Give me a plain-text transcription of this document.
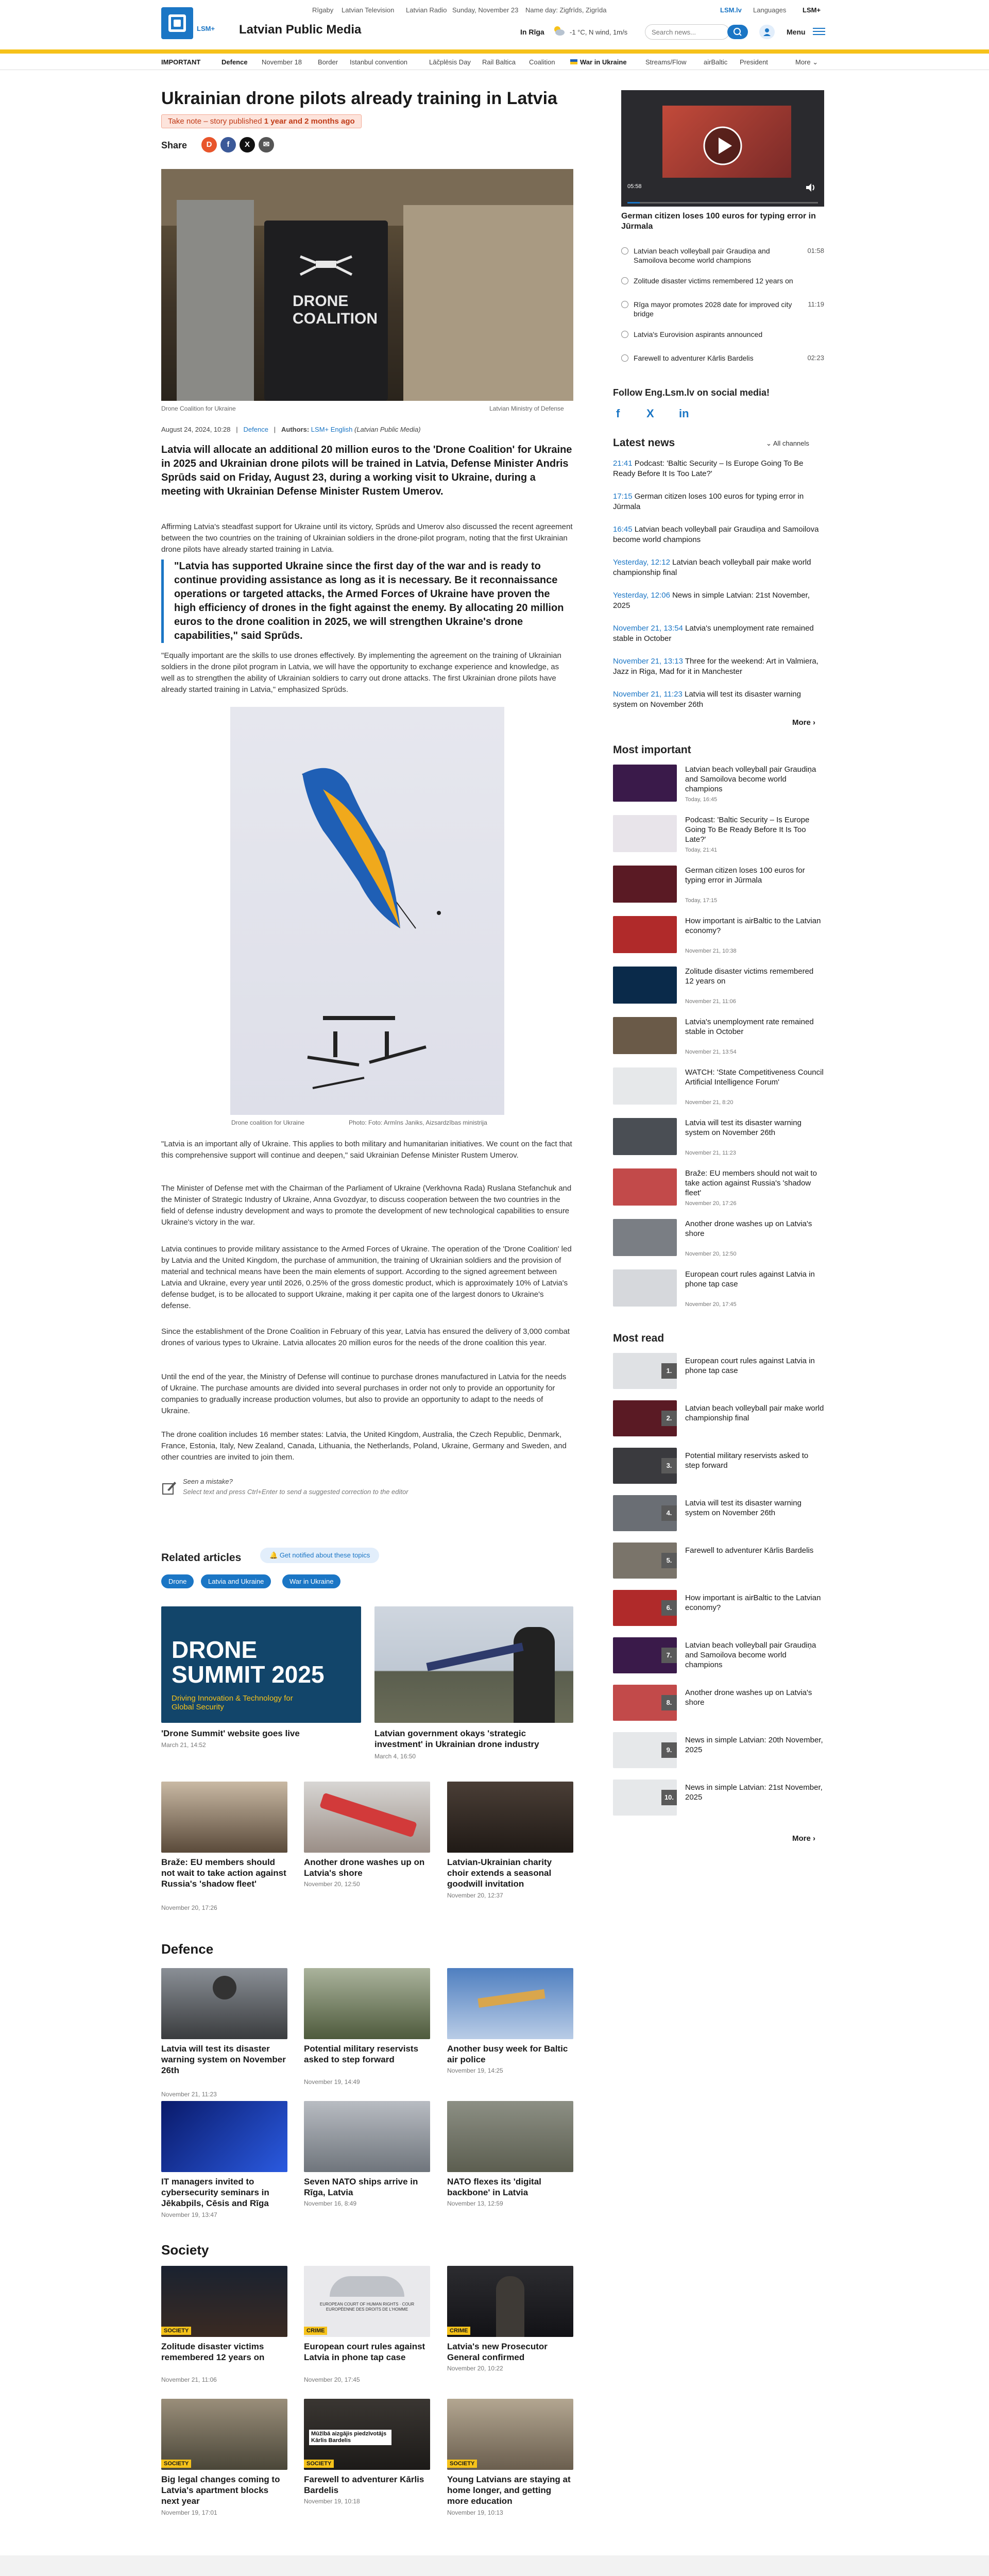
LSM+ Latvian Public Media
Rīgaby Latvian Television Latvian Radio Sunday, November 23 Name day: Zigfrīds, Zigrīda	LSM.lv Languages LSM+
In Rīga	-1 °C, N wind, 1m/s
Search news...	Menu
IMPORTANT	Defence November 18 Border Istanbul convention	Lāčplēsis Day Rail Baltica Coalition	War in Ukraine	Streams/Flow	airBaltic President	More ⌄
Ukrainian drone pilots already training in Latvia
Take note – story published 1 year and 2 months ago
Share	D	f	X	✉
DRONE
COALITION
Drone Coalition for Ukraine	Latvian Ministry of Defense
August 24, 2024, 10:28   |   Defence   |   Authors: LSM+ English (Latvian Public Media)

Latvia will allocate an additional 20 million euros to the 'Drone Coalition' for Ukraine in 2025 and Ukrainian drone pilots will be trained in Latvia, Defense Minister Andris Sprūds said on Friday, August 23, during a working visit to Ukraine, during a meeting with Ukrainian Defense Minister Rustem Umerov.

Affirming Latvia's steadfast support for Ukraine until its victory, Sprūds and Umerov also discussed the recent agreement between the two countries on the training of Ukrainian soldiers in the drone-pilot program, noting that the first Ukrainian drone pilots have already started training in Latvia.

"Latvia has supported Ukraine since the first day of the war and is ready to continue providing assistance as long as it is necessary. Be it reconnaissance operations or targeted attacks, the Armed Forces of Ukraine have proven the high efficiency of drones in the fight against the enemy. By allocating 20 million euros to the drone coalition in 2025, we will strengthen Ukraine's drone capabilities," said Sprūds.

"Equally important are the skills to use drones effectively. By implementing the agreement on the training of Ukrainian soldiers in the drone pilot program in Latvia, we will have the opportunity to exchange experience and knowledge, as well as to strengthen the ability of Ukrainian soldiers to carry out drone attacks. The first Ukrainian drone pilots have already started training in Latvia," emphasized Sprūds.

Drone coalition for Ukraine	Photo: Foto: Armīns Janiks, Aizsardzības ministrija

"Latvia is an important ally of Ukraine. This applies to both military and humanitarian initiatives. We count on the fact that this comprehensive support will continue and deepen," said Ukrainian Defense Minister Rustem Umerov.

The Minister of Defense met with the Chairman of the Parliament of Ukraine (Verkhovna Rada) Ruslana Stefanchuk and the Minister of Strategic Industry of Ukraine, Anna Gvozdyar, to discuss cooperation between the two countries in the field of defense industry development and ways to promote the development of new technological capabilities to ensure Ukraine's victory in the war.

Latvia continues to provide military assistance to the Armed Forces of Ukraine. The operation of the 'Drone Coalition' led by Latvia and the United Kingdom, the purchase of ammunition, the training of Ukrainian soldiers and the provision of material and technical means have been the main elements of support. According to the signed agreement between Latvia and Ukraine, every year until 2026, 0.25% of the gross domestic product, which is approximately 10% of Latvia's defense budget, is to be allocated to support Ukraine, making it per capita one of the largest donors to Ukraine's defense.

Since the establishment of the Drone Coalition in February of this year, Latvia has ensured the delivery of 3,000 combat drones of various types to Ukraine. Latvia allocates 20 million euros for the needs of the drone coalition this year.

Until the end of the year, the Ministry of Defense will continue to purchase drones manufactured in Latvia for the needs of Ukraine. The purchase amounts are divided into several purchases in order not only to provide an opportunity for companies to gradually increase production volumes, but also to provide an opportunity to adapt to the needs of Ukraine.

The drone coalition includes 16 member states: Latvia, the United Kingdom, Australia, the Czech Republic, Denmark, France, Estonia, Italy, New Zealand, Canada, Lithuania, the Netherlands, Poland, Ukraine, Germany and Sweden, and other countries are invited to join them.

Seen a mistake?
Select text and press Ctrl+Enter to send a suggested correction to the editor
Related articles	🔔 Get notified about these topics
Drone	Latvia and Ukraine	War in Ukraine
DRONE SUMMIT 2025
Driving Innovation & Technology for Global Security
'Drone Summit' website goes live
March 21, 14:52
Latvian government okays 'strategic investment' in Ukrainian drone industry
March 4, 16:50
Braže: EU members should not wait to take action against Russia's 'shadow fleet'
November 20, 17:26
Another drone washes up on Latvia's shore
November 20, 12:50
Latvian-Ukrainian charity choir extends a seasonal goodwill invitation
November 20, 12:37
Defence
Latvia will test its disaster warning system on November 26th
November 21, 11:23
Potential military reservists asked to step forward
November 19, 14:49
Another busy week for Baltic air police
November 19, 14:25
IT managers invited to cybersecurity seminars in Jēkabpils, Cēsis and Rīga
November 19, 13:47
Seven NATO ships arrive in Rīga, Latvia
November 16, 8:49
NATO flexes its 'digital backbone' in Latvia
November 13, 12:59
Society
SOCIETY
Zolitude disaster victims remembered 12 years on
November 21, 11:06
EUROPEAN COURT OF HUMAN RIGHTS · COUR EUROPÉENNE DES DROITS DE L'HOMME
CRIME
European court rules against Latvia in phone tap case
November 20, 17:45
CRIME
Latvia's new Prosecutor General confirmed
November 20, 10:22
SOCIETY
Big legal changes coming to Latvia's apartment blocks next year
November 19, 17:01
Mūžībā aizgājis piedzīvotājs Kārlis Bardelis
SOCIETY
Farewell to adventurer Kārlis Bardelis
November 19, 10:18
SOCIETY
Young Latvians are staying at home longer, and getting more education
November 19, 10:13
05:58
German citizen loses 100 euros for typing error in Jūrmala
Latvian beach volleyball pair Graudiņa and Samoilova become world champions
01:58
Zolitude disaster victims remembered 12 years on
Rīga mayor promotes 2028 date for improved city bridge
11:19
Latvia's Eurovision aspirants announced
Farewell to adventurer Kārlis Bardelis	02:23
Follow Eng.Lsm.lv on social media!
f X in
Latest news	⌄ All channels
21:41 Podcast: 'Baltic Security – Is Europe Going To Be Ready Before It Is Too Late?'
17:15 German citizen loses 100 euros for typing error in Jūrmala
16:45 Latvian beach volleyball pair Graudiņa and Samoilova become world champions
Yesterday, 12:12 Latvian beach volleyball pair make world championship final
Yesterday, 12:06 News in simple Latvian: 21st November, 2025
November 21, 13:54 Latvia's unemployment rate remained stable in October
November 21, 13:13 Three for the weekend: Art in Valmiera, Jazz in Riga, Mad for it in Manchester
November 21, 11:23 Latvia will test its disaster warning system on November 26th
More ›
Most important
Most read
More ›
Latvian beach volleyball pair Graudiņa and Samoilova become world champions
Today, 16:45
Podcast: 'Baltic Security – Is Europe Going To Be Ready Before It Is Too Late?'
Today, 21:41
German citizen loses 100 euros for typing error in Jūrmala
Today, 17:15
How important is airBaltic to the Latvian economy?
November 21, 10:38
Zolitude disaster victims remembered 12 years on
November 21, 11:06
Latvia's unemployment rate remained stable in October
November 21, 13:54
WATCH: 'State Competitiveness Council Artificial Intelligence Forum'
November 21, 8:20
Latvia will test its disaster warning system on November 26th
November 21, 11:23
Braže: EU members should not wait to take action against Russia's 'shadow fleet'
November 20, 17:26
Another drone washes up on Latvia's shore
November 20, 12:50
European court rules against Latvia in phone tap case
November 20, 17:45
1.
European court rules against Latvia in phone tap case
2.
Latvian beach volleyball pair make world championship final
3.
Potential military reservists asked to step forward
4.
Latvia will test its disaster warning system on November 26th
5.
Farewell to adventurer Kārlis Bardelis
6.
How important is airBaltic to the Latvian economy?
7.
Latvian beach volleyball pair Graudiņa and Samoilova become world champions
8.
Another drone washes up on Latvia's shore
9.
News in simple Latvian: 20th November, 2025
10.
News in simple Latvian: 21st November, 2025
